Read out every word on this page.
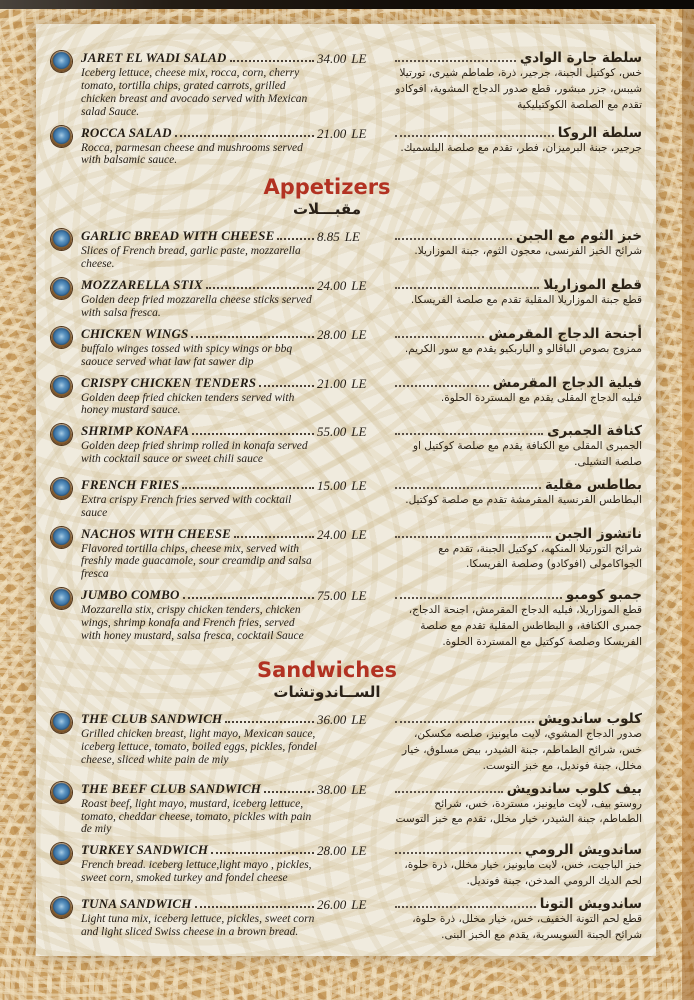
JARET EL WADI SALAD
Iceberg lettuce, cheese mix, rocca, corn, cherry tomato, tortilla chips, grated carrots, grilled chicken breast and avocado served with Mexican salad Sauce.
34.00 LE	سلطة جارة الوادي
خس، كوكتيل الجبنة، جرجير، ذرة، طماطم شيرى، تورتيلا شيبس، جزر مبشور، قطع صدور الدجاج المشوية، افوكادو تقدم مع الصلصة الكوكتيليكية
ROCCA SALAD
Rocca, parmesan cheese and mushrooms served with balsamic sauce.
21.00 LE	سلطة الروكا
جرجير، جبنة البرميزان، فطر، تقدم مع صلصة البلسميك.
Appetizers
مقبـــلات
GARLIC BREAD WITH CHEESE
Slices of French bread, garlic paste, mozzarella cheese.
8.85 LE	خبز الثوم مع الجبن
شرائح الخبز الفرنسى، معجون الثوم، جبنة الموزاريلا.
MOZZARELLA STIX
Golden deep fried mozzarella cheese sticks served with salsa fresca.
24.00 LE	قطع الموزاريلا
قطع جبنة الموزاريلا المقلية تقدم مع صلصة الفريسكا.
CHICKEN WINGS
buffalo winges tossed with spicy wings or bbq saouce served what law fat sawer dip
28.00 LE	أجنحة الدجاج المقرمش
ممزوج بصوص الباڤالو و الباربكيو يقدم مع سور الكريم.
CRISPY CHICKEN TENDERS
Golden deep fried chicken tenders served with honey mustard sauce.
21.00 LE	فيلية الدجاج المقرمش
فيليه الدجاج المقلى يقدم مع المستردة الحلوة.
SHRIMP KONAFA
Golden deep fried shrimp rolled in konafa served with cocktail sauce or sweet chili sauce
55.00 LE	كنافة الجمبرى
الجمبرى المقلى مع الكنافة يقدم مع صلصة كوكتيل او صلصة التشيلى.
FRENCH FRIES
Extra crispy French fries served with cocktail sauce
15.00 LE	بطاطس مقلية
البطاطس الفرنسية المقرمشة تقدم مع صلصة كوكتيل.
NACHOS WITH CHEESE
Flavored tortilla chips, cheese mix, served with freshly made guacamole, sour creamdip and salsa fresca
24.00 LE	ناتشوز الجبن
شرائح التورتيلا المنكهه، كوكتيل الجبنة، تقدم مع الجواكامولى (افوكادو) وصلصة الفريسكا.
JUMBO COMBO
Mozzarella stix, crispy chicken tenders, chicken wings, shrimp konafa and French fries, served with honey mustard, salsa fresca, cocktail Sauce
75.00 LE	جمبو كومبو
قطع الموزاريلا، فيليه الدجاج المقرمش، اجنحة الدجاج، جمبرى الكنافة، و البطاطس المقلية تقدم مع صلصة الفريسكا وصلصة كوكتيل مع المستردة الحلوة.
Sandwiches
الســاندوتشات
THE CLUB SANDWICH
Grilled chicken breast, light mayo, Mexican sauce, iceberg lettuce, tomato, boiled eggs, pickles, fondel cheese, sliced white pain de miy
36.00 LE	كلوب ساندويش
صدور الدجاج المشوي، لايت مايونيز، صلصه مكسكن، خس، شرائح الطماطم، جبنة الشيدر، بيض مسلوق، خيار مخلل، جبنة فونديل، مع خبز التوست.
THE BEEF CLUB SANDWICH
Roast beef, light mayo, mustard, iceberg lettuce, tomato, cheddar cheese, tomato, pickles with pain de miy
38.00 LE	بيف كلوب ساندويش
روستو بيف، لايت مايونيز، مستردة، خس، شرائح الطماطم، جبنة الشيدر، خيار مخلل، تقدم مع خبز التوست
TURKEY SANDWICH
French bread. iceberg lettuce,light mayo , pickles, sweet corn, smoked turkey and fondel cheese
28.00 LE	ساندويش الرومي
خبز الباجيت، خس، لايت مايونيز، خيار مخلل، ذرة حلوة، لحم الديك الرومي المدخن، جبنة فونديل.
TUNA SANDWICH
Light tuna mix, iceberg lettuce, pickles, sweet corn and light sliced Swiss cheese in a brown bread.
26.00 LE	ساندويش التونا
قطع لحم التونة الخفيف، خس، خيار مخلل، ذرة حلوة، شرائح الجبنة السويسرية، يقدم مع الخبز البنى.
